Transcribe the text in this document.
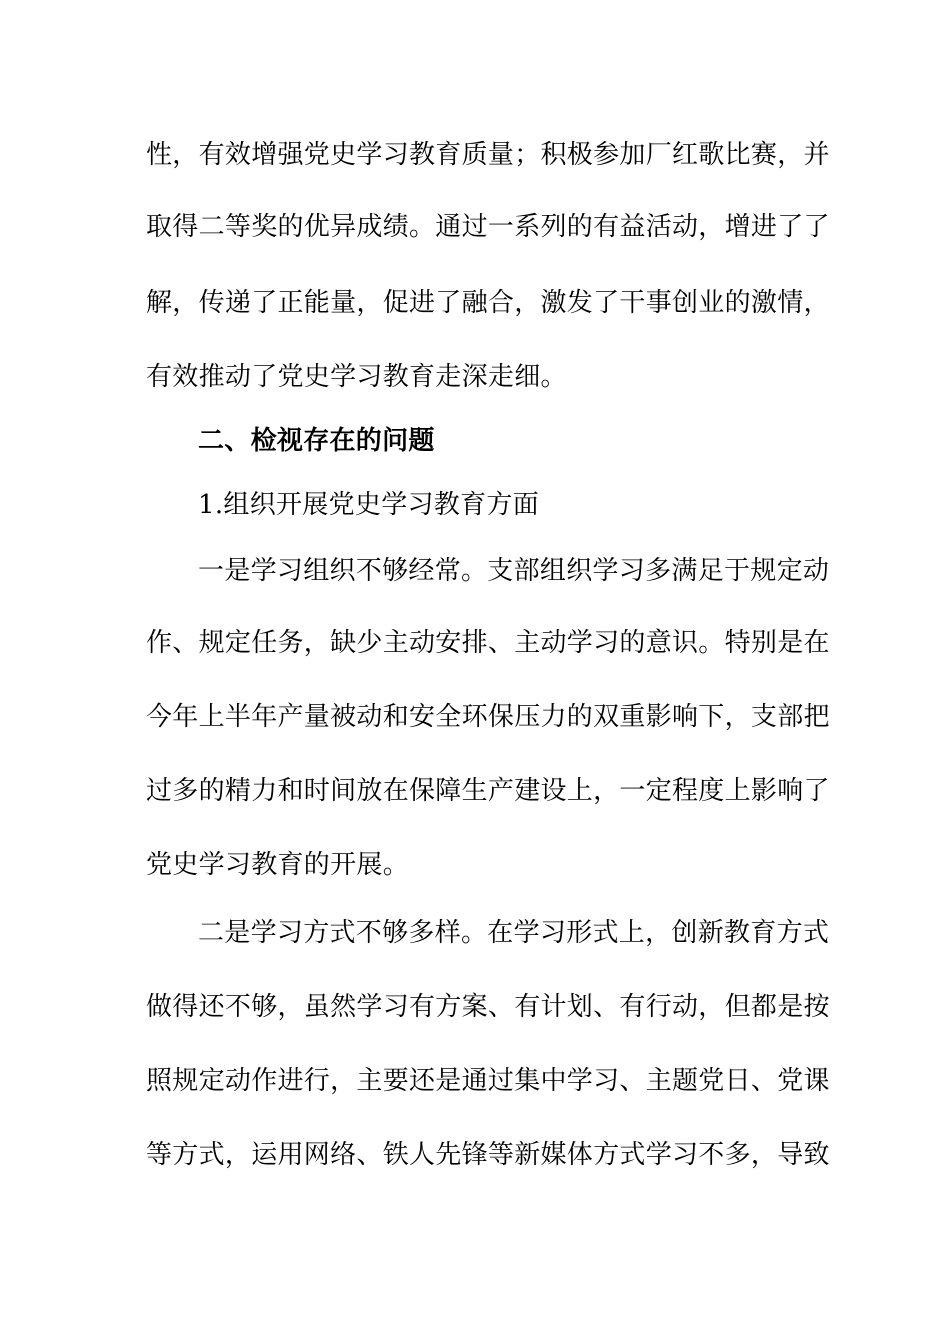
性，有效增强党史学习教育质量；积极参加厂红歌比赛，并
取得二等奖的优异成绩。通过一系列的有益活动，增进了了
解，传递了正能量，促进了融合，激发了干事创业的激情，
有效推动了党史学习教育走深走细。
二、检视存在的问题
1.组织开展党史学习教育方面
一是学习组织不够经常。支部组织学习多满足于规定动
作、规定任务，缺少主动安排、主动学习的意识。特别是在
今年上半年产量被动和安全环保压力的双重影响下，支部把
过多的精力和时间放在保障生产建设上，一定程度上影响了
党史学习教育的开展。
二是学习方式不够多样。在学习形式上，创新教育方式
做得还不够，虽然学习有方案、有计划、有行动，但都是按
照规定动作进行，主要还是通过集中学习、主题党日、党课
等方式，运用网络、铁人先锋等新媒体方式学习不多，导致
